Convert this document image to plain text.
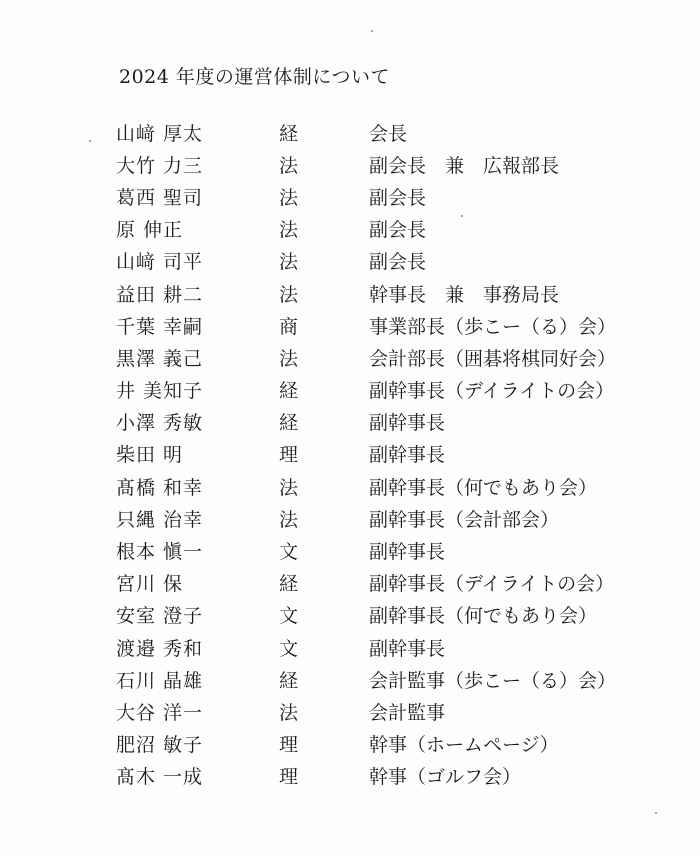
2024 年度の運営体制について
山﨑 厚太	経	会長
大竹 力三	法	副会長　兼　広報部長
葛西 聖司	法	副会長
原 伸正	法	副会長
山﨑 司平	法	副会長
益田 耕二	法	幹事長　兼　事務局長
千葉 幸嗣	商	事業部長（歩こー（る）会）
黒澤 義己	法	会計部長（囲碁将棋同好会）
井 美知子	経	副幹事長（デイライトの会）
小澤 秀敏	経	副幹事長
柴田 明	理	副幹事長
髙橋 和幸	法	副幹事長（何でもあり会）
只縄 治幸	法	副幹事長（会計部会）
根本 愼一	文	副幹事長
宮川 保	経	副幹事長（デイライトの会）
安室 澄子	文	副幹事長（何でもあり会）
渡邉 秀和	文	副幹事長
石川 晶雄	経	会計監事（歩こー（る）会）
大谷 洋一	法	会計監事
肥沼 敏子	理	幹事（ホームページ）
髙木 一成	理	幹事（ゴルフ会）
